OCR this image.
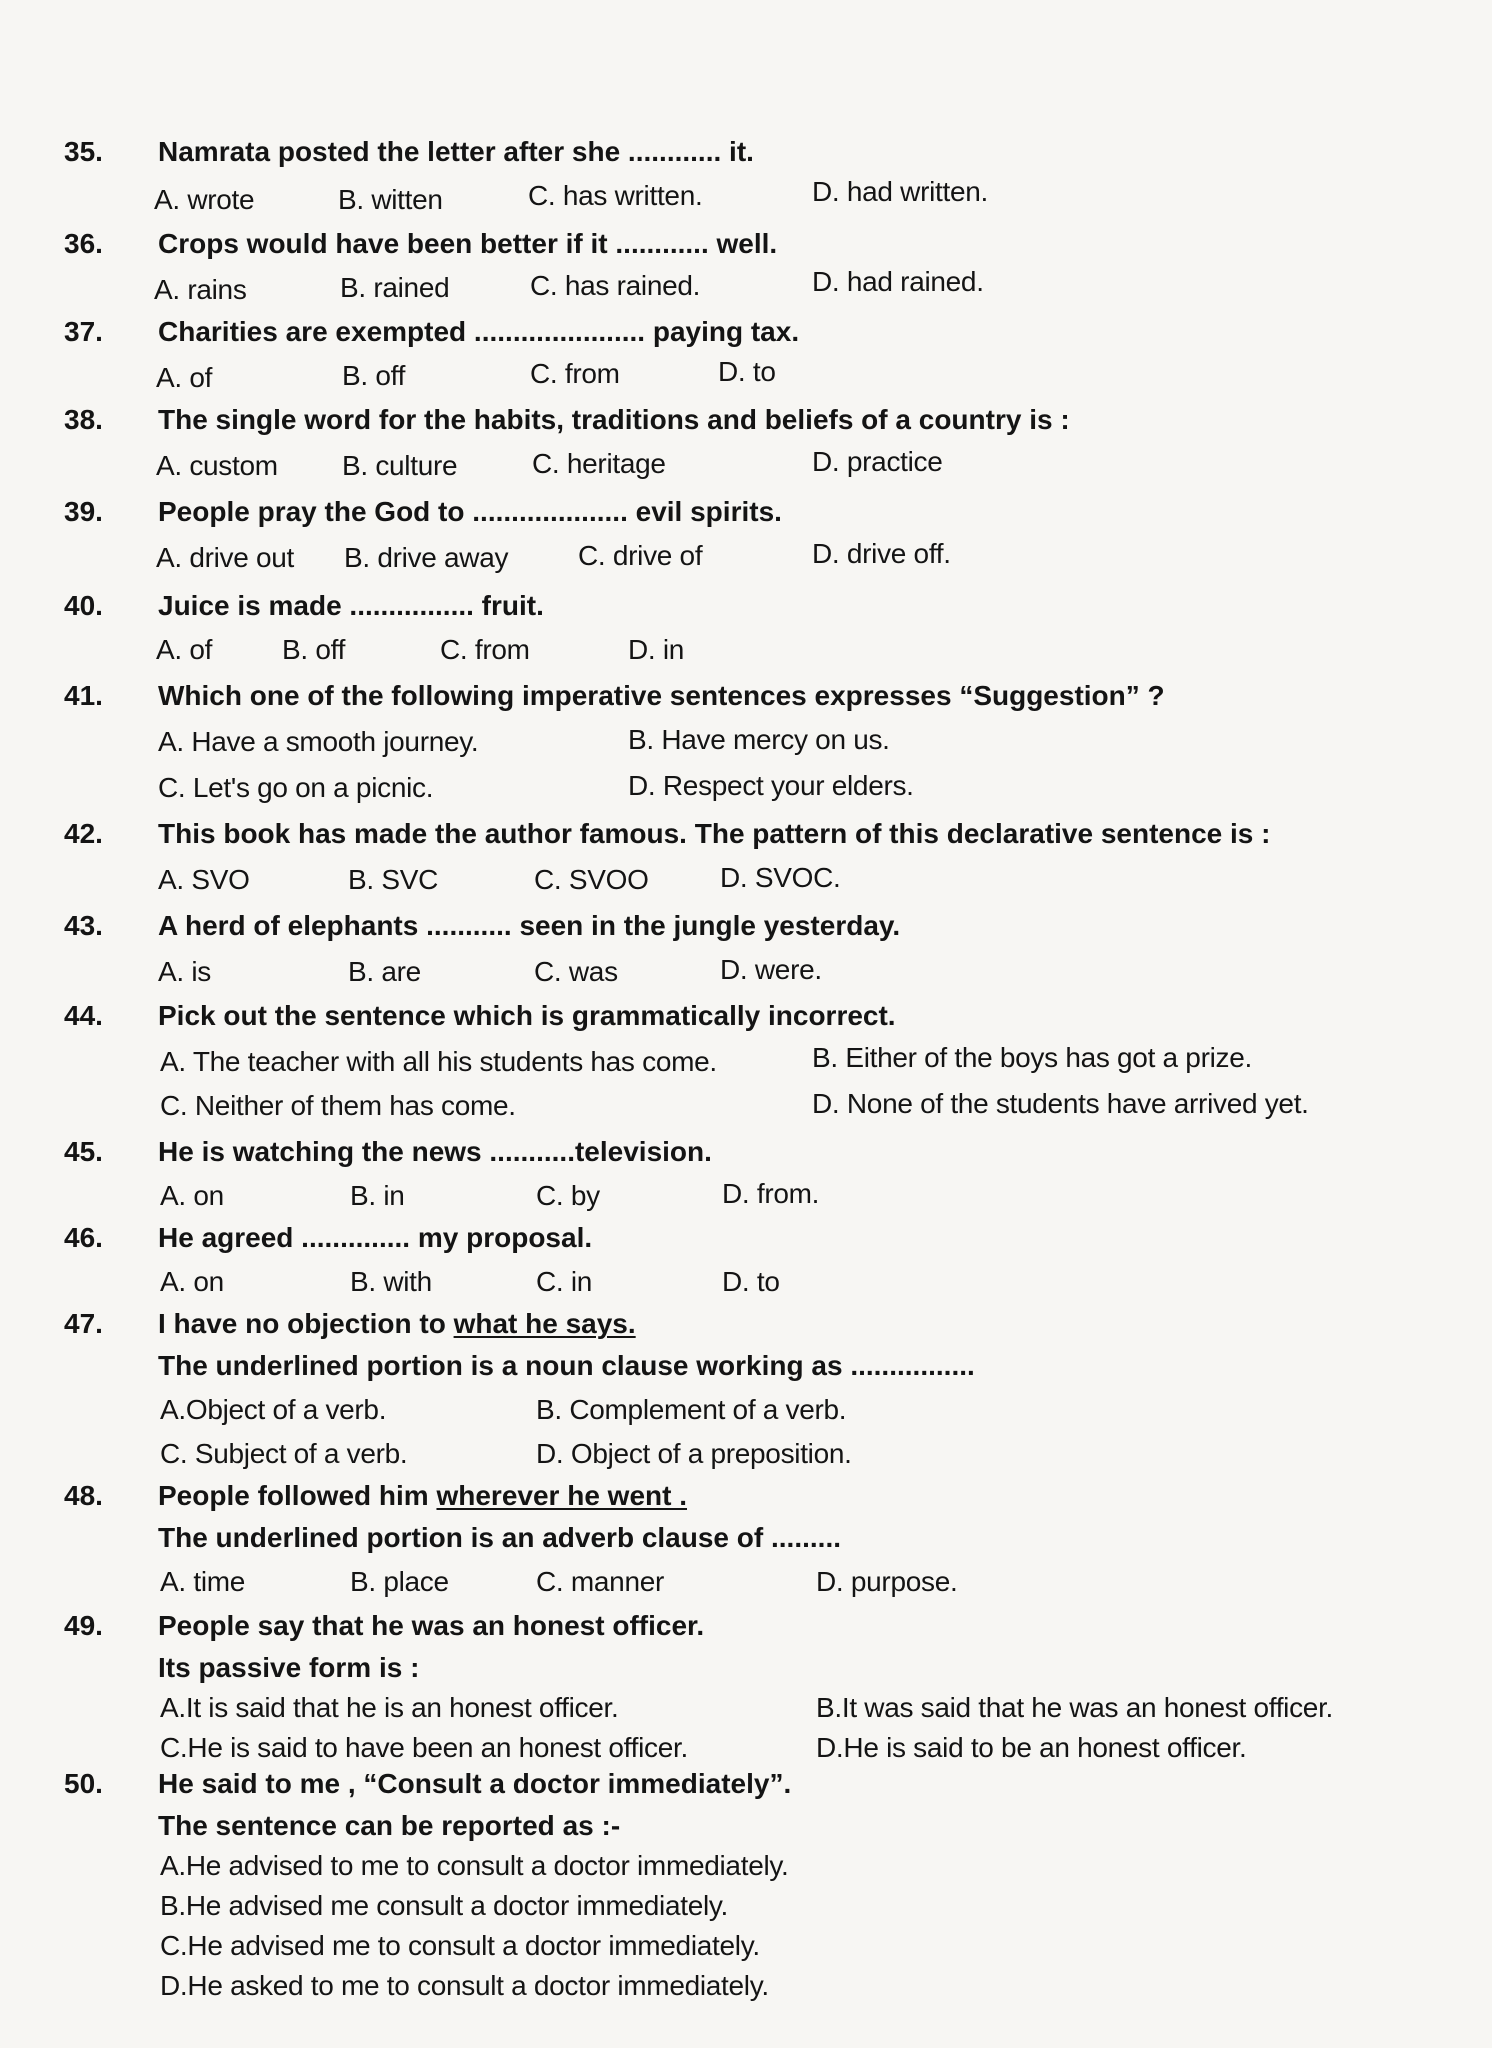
35. Namrata posted the letter after she ............ it.
A. wrote	B. witten	C. has written.	D. had written.
36. Crops would have been better if it ............ well.
A. rains	B. rained	C. has rained.	D. had rained.
37. Charities are exempted ...................... paying tax.
A. of	B. off	C. from	D. to
38. The single word for the habits, traditions and beliefs of a country is :
A. custom B. culture	C. heritage	D. practice
39. People pray the God to .................... evil spirits.
A. drive out B. drive away C. drive of	D. drive off.
40. Juice is made ................ fruit.
A. of B. off	C. from	D. in
41. Which one of the following imperative sentences expresses “Suggestion” ?
A. Have a smooth journey.	B. Have mercy on us.
C. Let's go on a picnic.	D. Respect your elders.
42. This book has made the author famous. The pattern of this declarative sentence is :
A. SVO	B. SVC	C. SVOO	D. SVOC.
43. A herd of elephants ........... seen in the jungle yesterday.
A. is	B. are	C. was	D. were.
44. Pick out the sentence which is grammatically incorrect.
A. The teacher with all his students has come.	B. Either of the boys has got a prize.
C. Neither of them has come.	D. None of the students have arrived yet.
45. He is watching the news ...........television.
A. on	B. in	C. by	D. from.
46. He agreed .............. my proposal.
A. on	B. with	C. in	D. to
47. I have no objection to what he says.
The underlined portion is a noun clause working as ................
A.Object of a verb.	B. Complement of a verb.
C. Subject of a verb.	D. Object of a preposition.
48. People followed him wherever he went .
The underlined portion is an adverb clause of .........
A. time	B. place	C. manner	D. purpose.
49. People say that he was an honest officer.
Its passive form is :
A.It is said that he is an honest officer.	B.It was said that he was an honest officer.
C.He is said to have been an honest officer.	D.He is said to be an honest officer.
50. He said to me , “Consult a doctor immediately”.
The sentence can be reported as :-
A.He advised to me to consult a doctor immediately.
B.He advised me consult a doctor immediately.
C.He advised me to consult a doctor immediately.
D.He asked to me to consult a doctor immediately.
